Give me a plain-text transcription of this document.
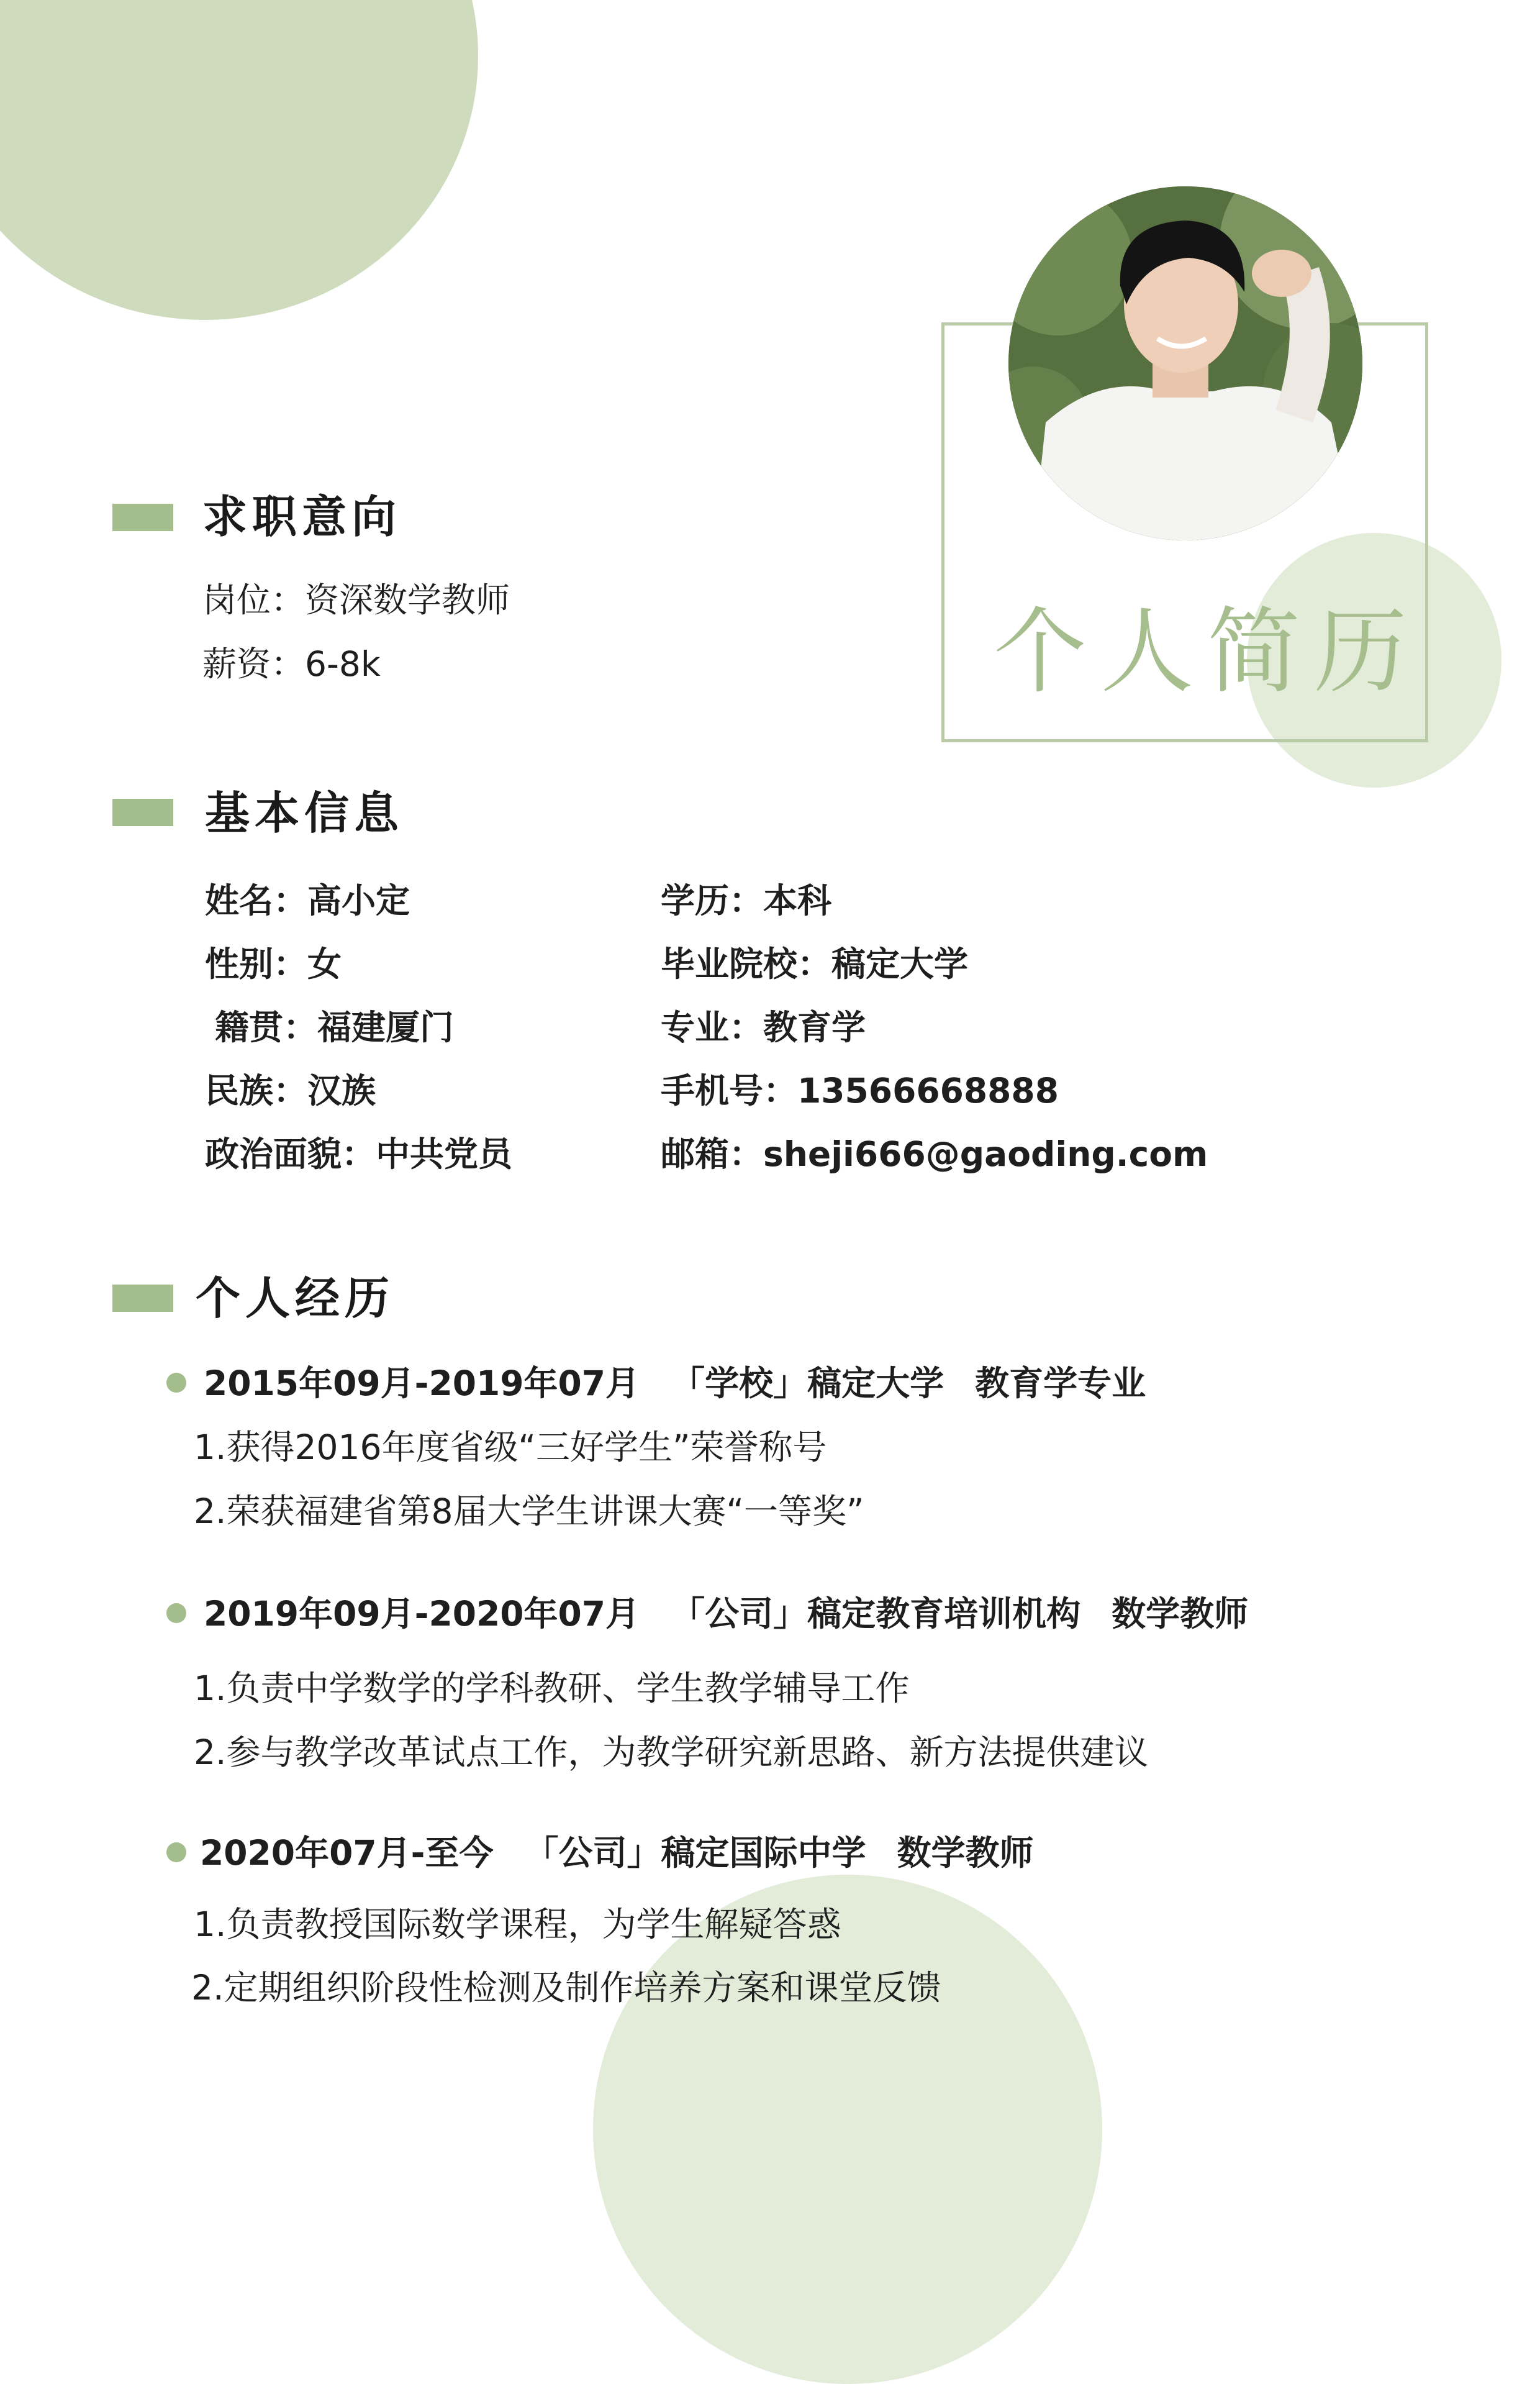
个人简历
求职意向
岗位：资深数学教师
薪资：6-8k
基本信息
姓名：高小定
性别：女
籍贯：福建厦门
民族：汉族
政治面貌：中共党员
学历：本科
毕业院校：稿定大学
专业：教育学
手机号：13566668888
邮箱：sheji666@gaoding.com
个人经历
2015年09月-2019年07月 「学校」稿定大学 教育学专业
1.获得2016年度省级“三好学生”荣誉称号
2.荣获福建省第8届大学生讲课大赛“一等奖”
2019年09月-2020年07月 「公司」稿定教育培训机构 数学教师
1.负责中学数学的学科教研、学生教学辅导工作
2.参与教学改革试点工作，为教学研究新思路、新方法提供建议
2020年07月-至今 「公司」稿定国际中学 数学教师
1.负责教授国际数学课程，为学生解疑答惑
2.定期组织阶段性检测及制作培养方案和课堂反馈
